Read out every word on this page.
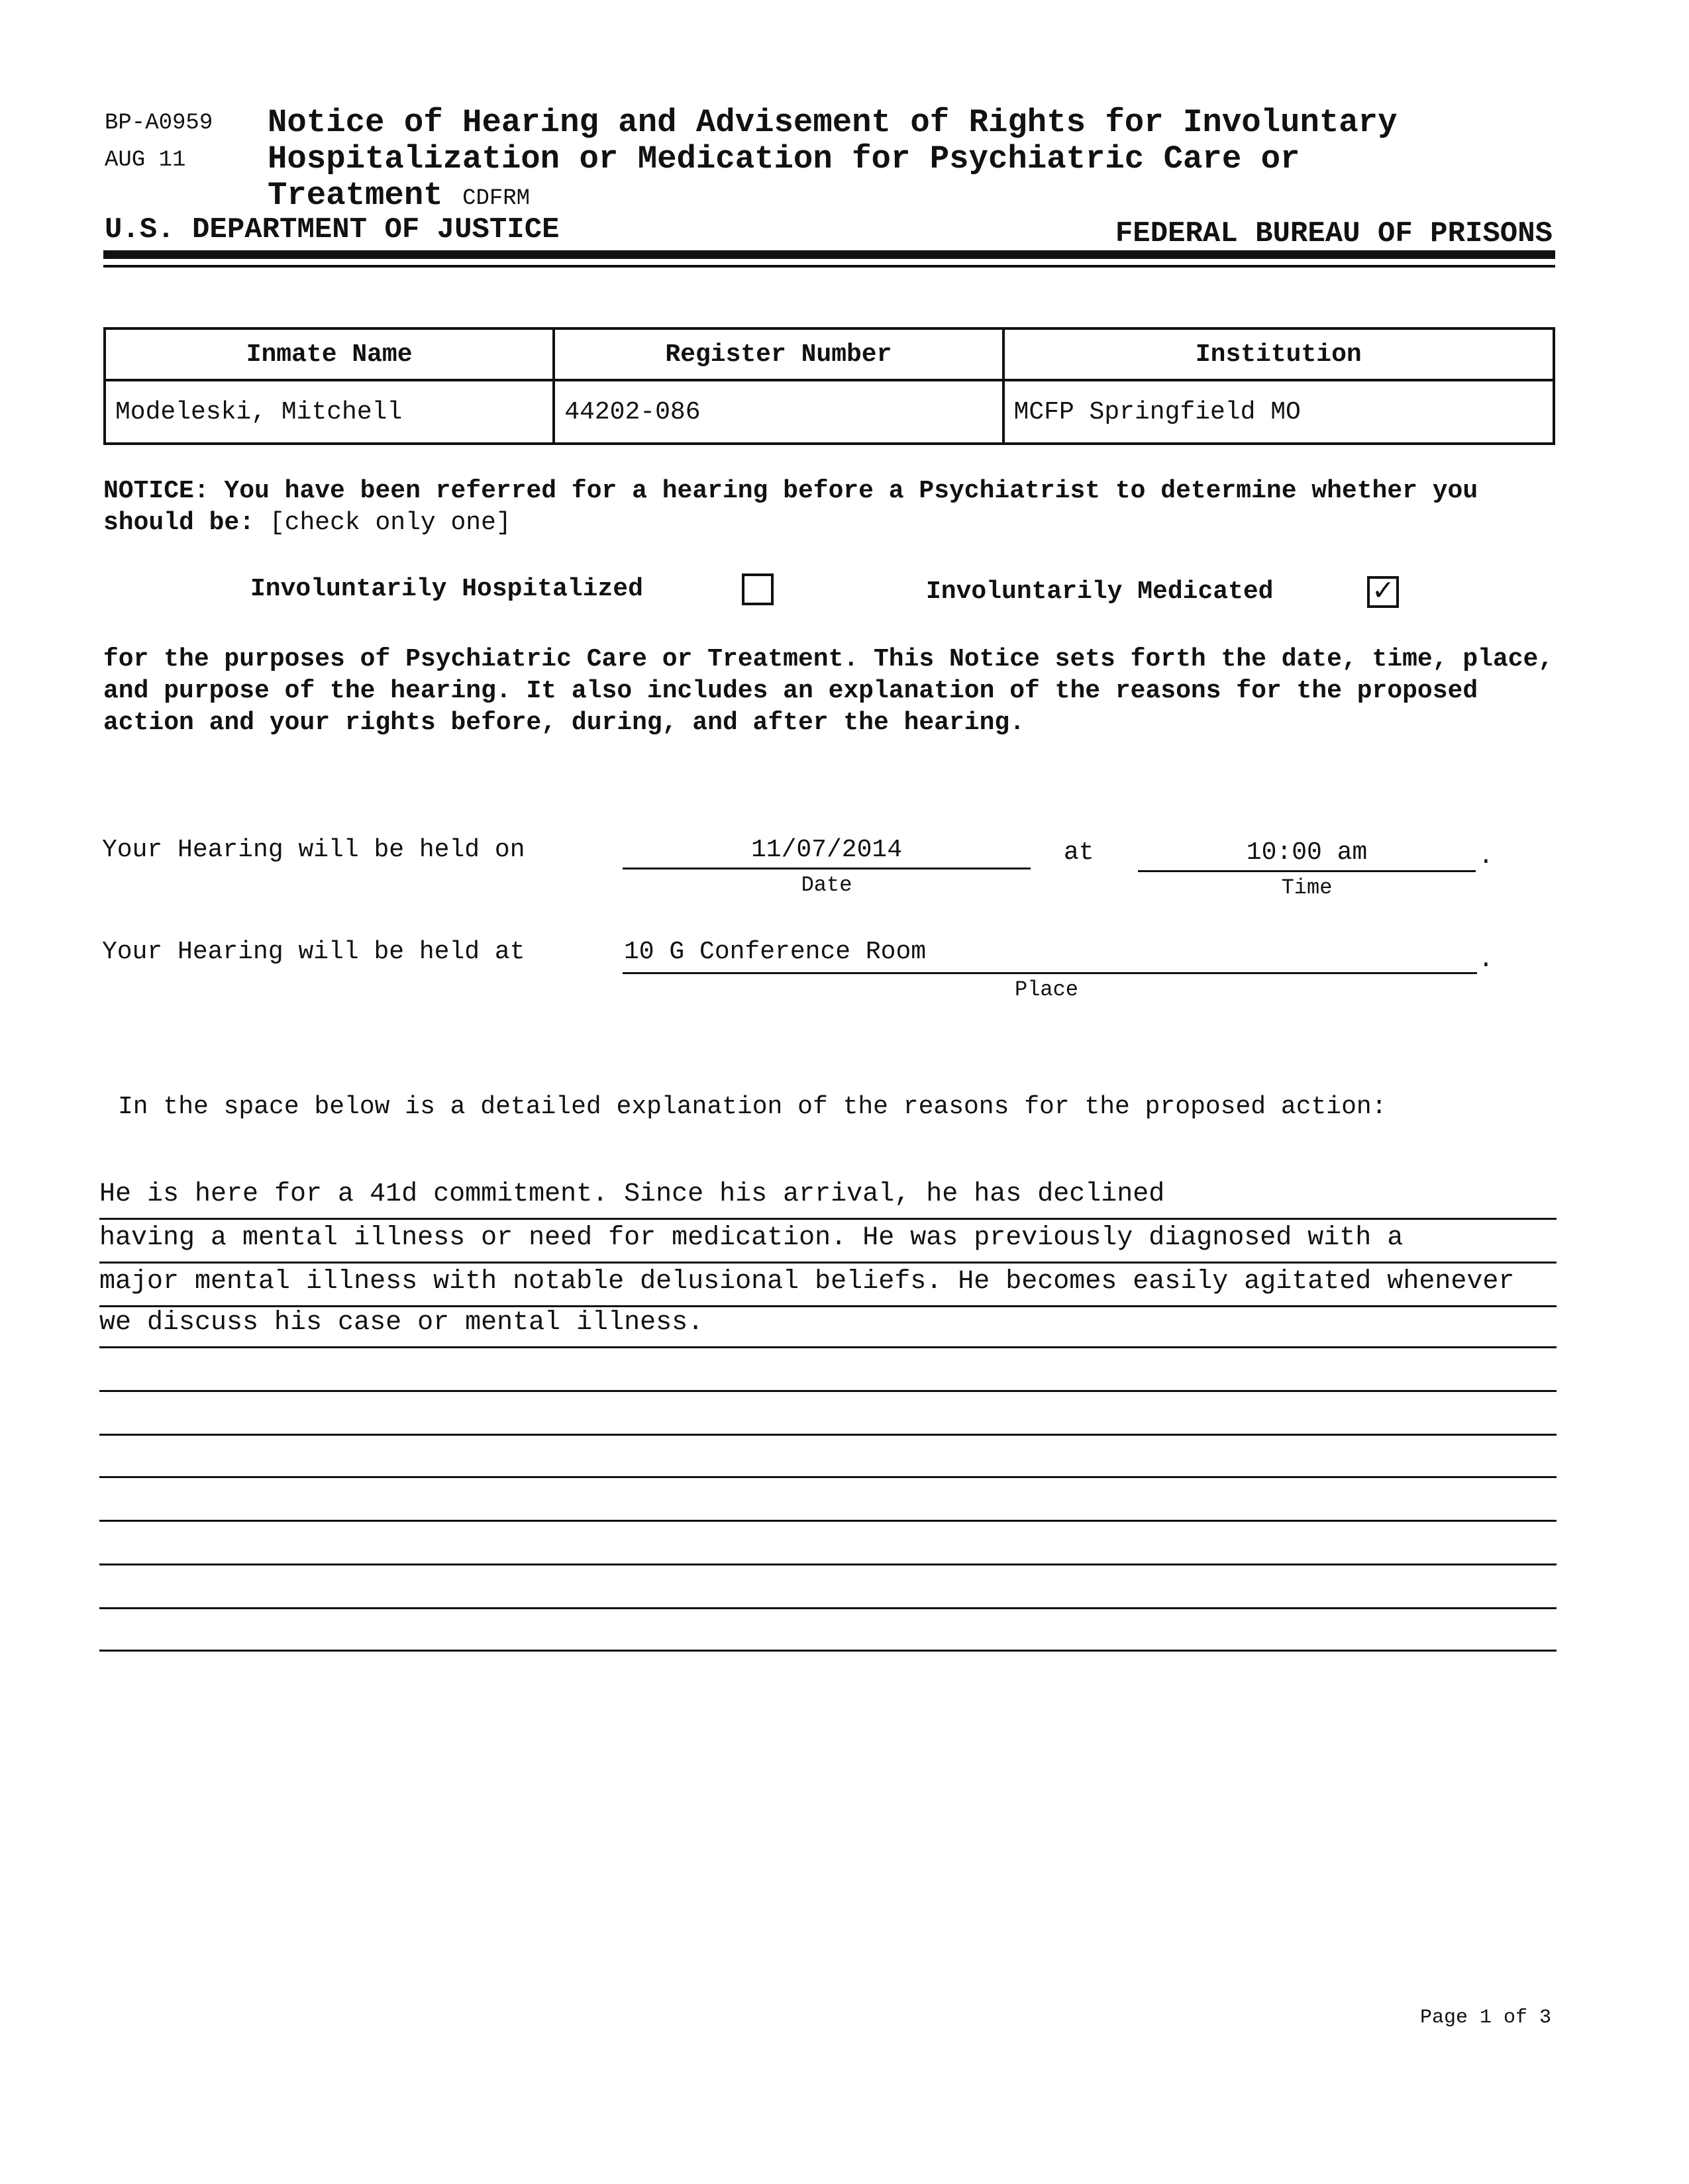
BP-A0959
AUG 11
Notice of Hearing and Advisement of Rights for Involuntary
Hospitalization or Medication for Psychiatric Care or
Treatment CDFRM
U.S. DEPARTMENT OF JUSTICE	FEDERAL BUREAU OF PRISONS
Inmate Name	Register Number	Institution
Modeleski, Mitchell	44202-086	MCFP Springfield MO
NOTICE: You have been referred for a hearing before a Psychiatrist to determine whether you should be: [check only one]
Involuntarily Hospitalized	Involuntarily Medicated	✓
for the purposes of Psychiatric Care or Treatment. This Notice sets forth the date, time, place, and purpose of the hearing. It also includes an explanation of the reasons for the proposed action and your rights before, during, and after the hearing.
Your Hearing will be held on	11/07/2014
Date
at	10:00 am
Time
.
Your Hearing will be held at	10 G Conference Room
Place
.
In the space below is a detailed explanation of the reasons for the proposed action:
He is here for a 41d commitment. Since his arrival, he has declined
having a mental illness or need for medication. He was previously diagnosed with a
major mental illness with notable delusional beliefs. He becomes easily agitated whenever
we discuss his case or mental illness.
Page 1 of 3
